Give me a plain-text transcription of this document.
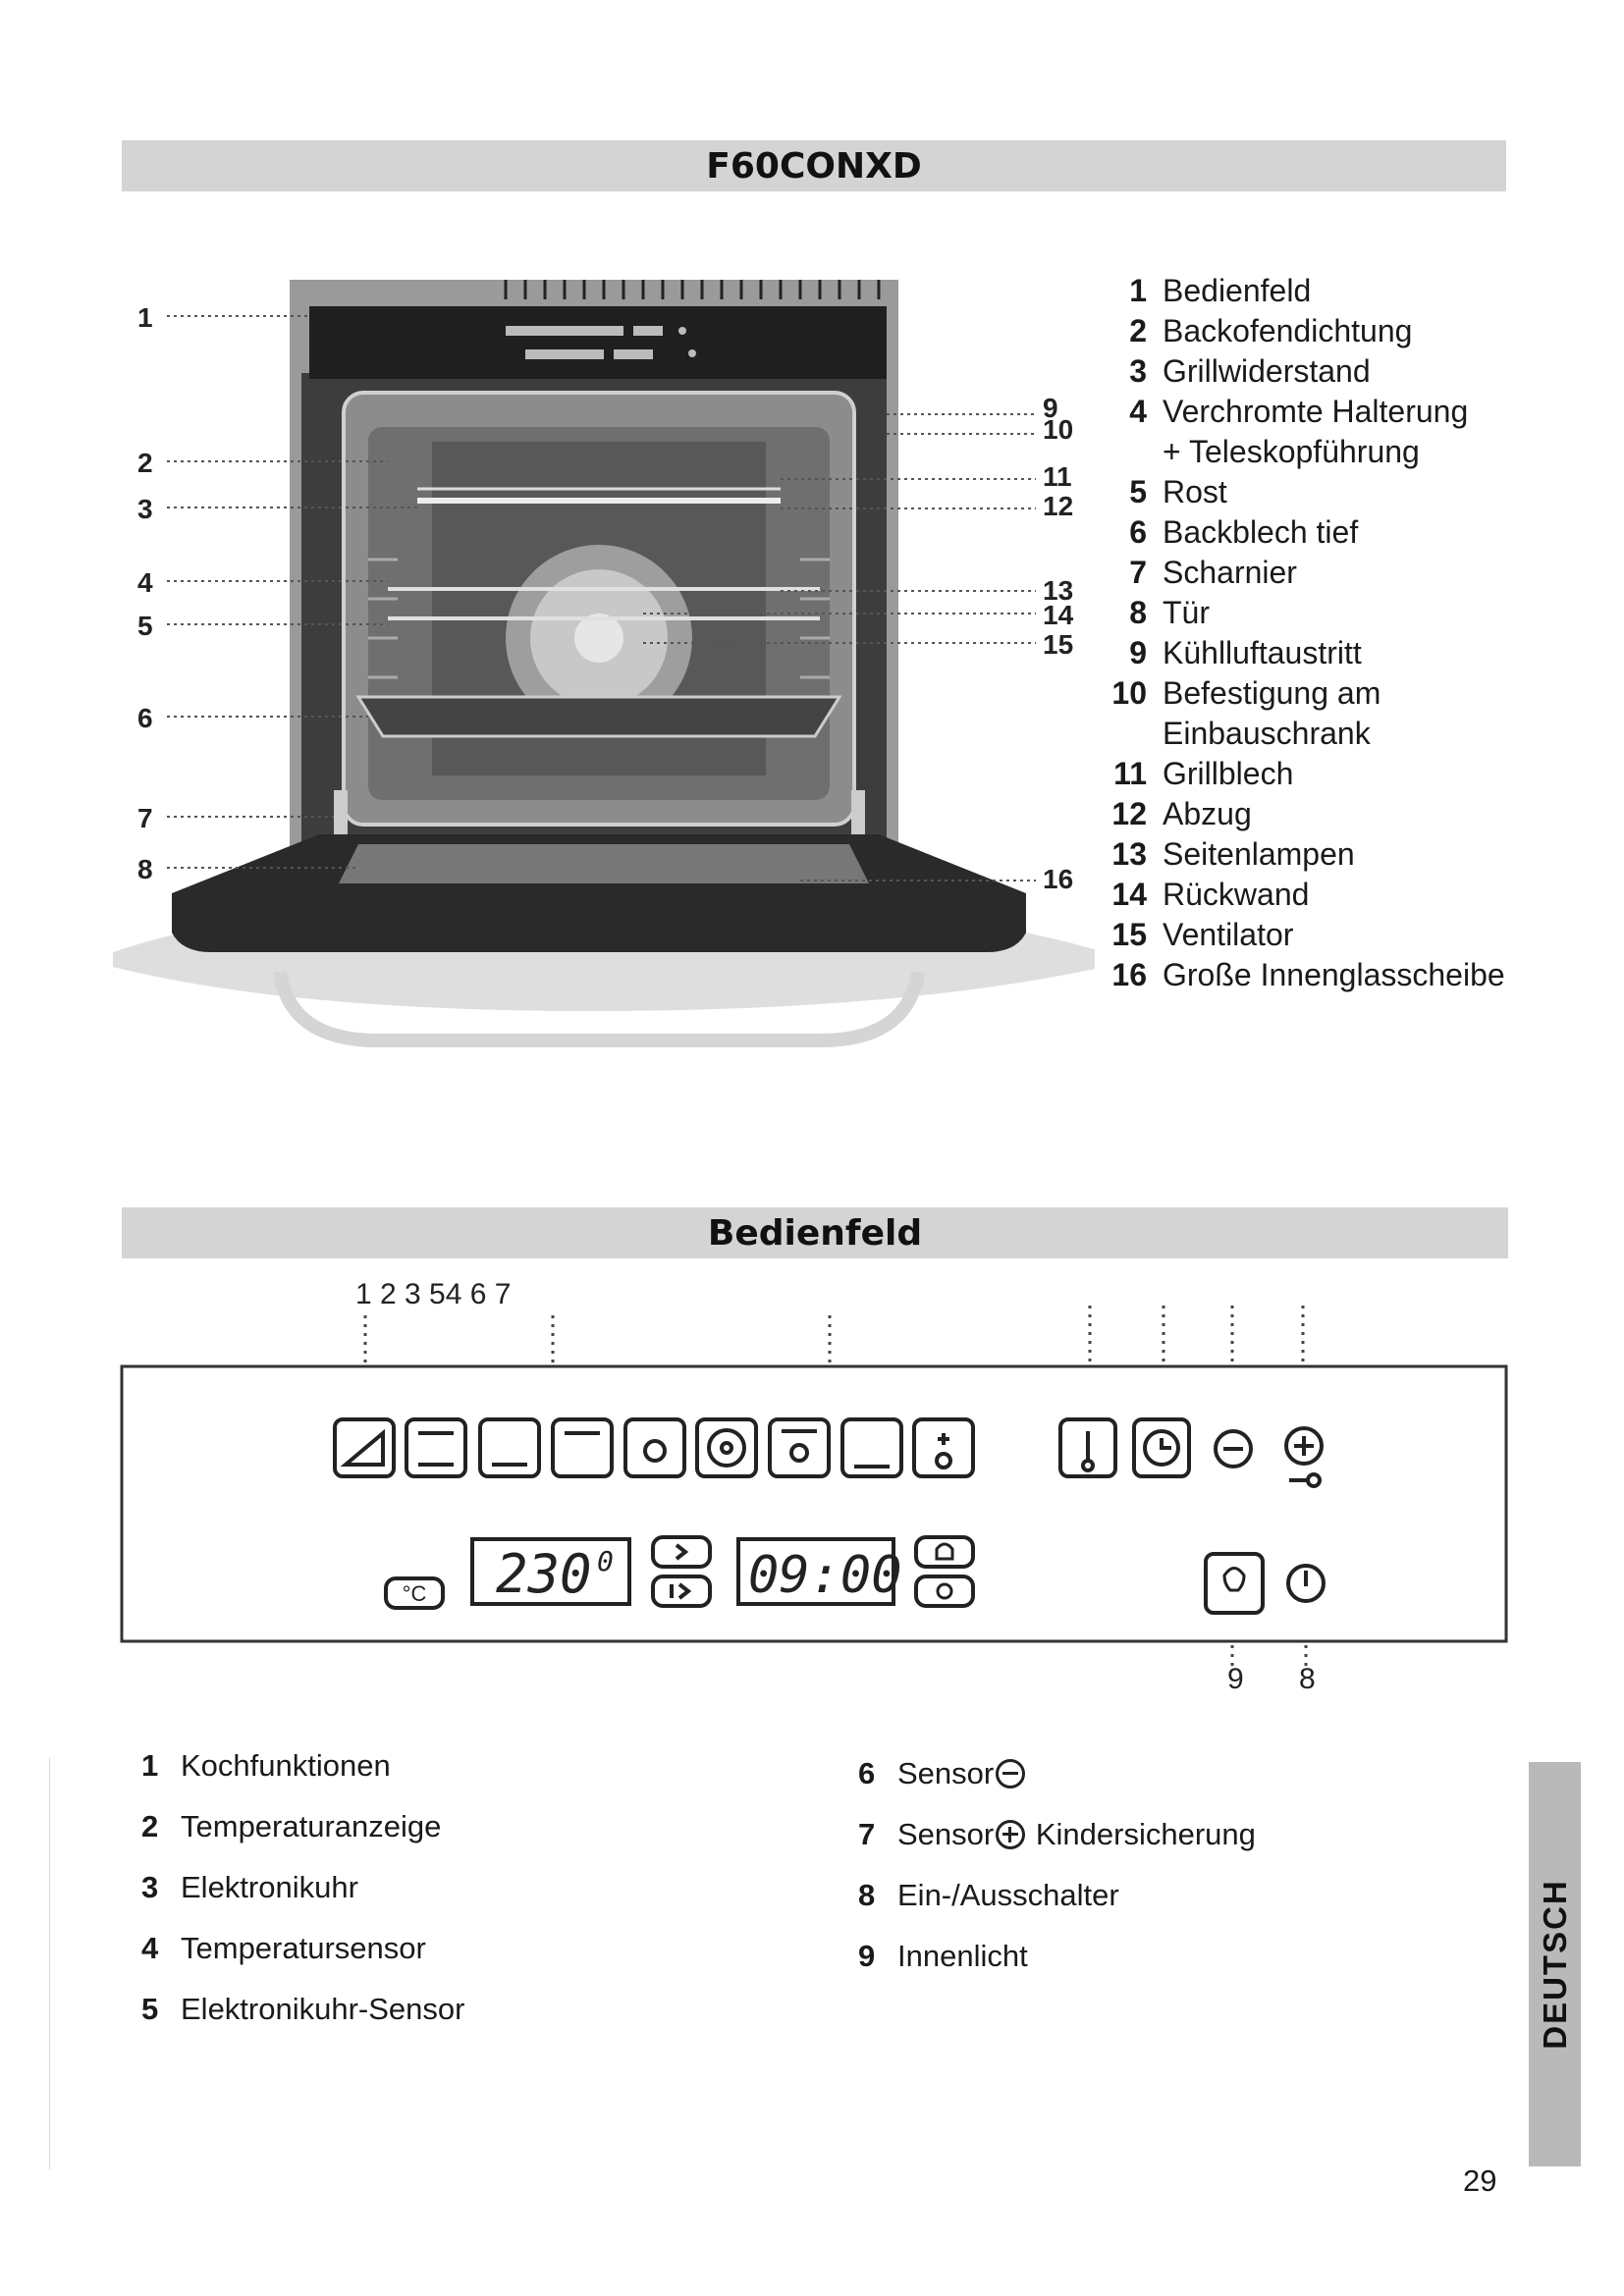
F60CONXD
1
2
3
4
5
6
7
8
9
10
11
12
13
14
15
16
1 Bedienfeld
2 Backofendichtung
3 Grillwiderstand
4 Verchromte Halterung
+ Teleskopführung
5 Rost
6 Backblech tief
7 Scharnier
8 Tür
9 Kühlluftaustritt
10 Befestigung am
Einbauschrank
11 Grillblech
12 Abzug
13 Seitenlampen
14 Rückwand
15 Ventilator
16 Große Innenglasscheibe
Bedienfeld
1 2 3 54 6 7
°C 230 0	09:00
9 8
1 Kochfunktionen
2 Temperaturanzeige
3 Elektronikuhr
4 Temperatursensor
5 Elektronikuhr-Sensor
6 Sensor
7 Sensor Kindersicherung
8 Ein-/Ausschalter
9 Innenlicht	DEUTSCH
29
